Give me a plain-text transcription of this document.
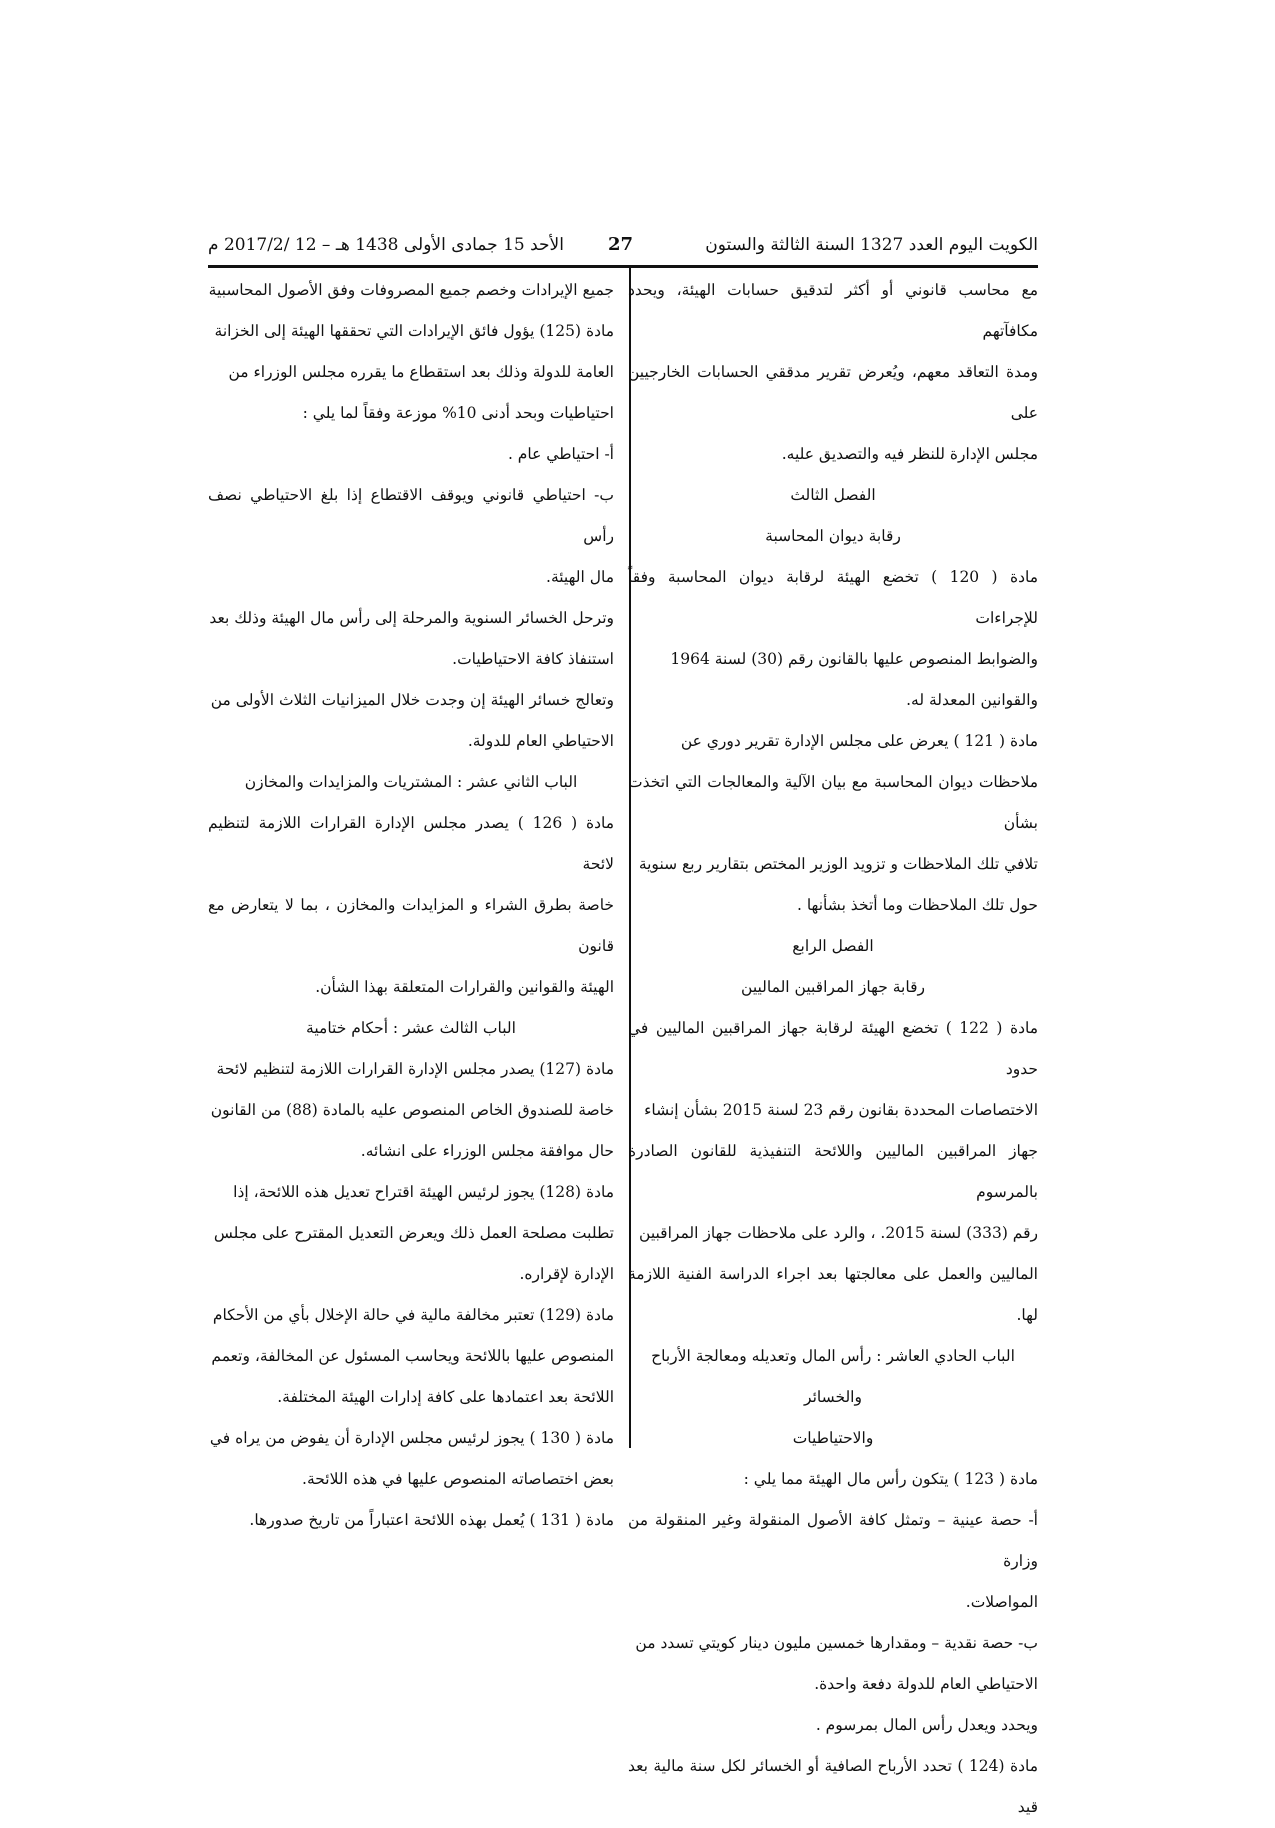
الكويت اليوم العدد 1327 السنة الثالثة والستون
27
الأحد 15 جمادى الأولى 1438 هـ – 12 /2017/2 م

مع محاسب قانوني أو أكثر لتدقيق حسابات الهيئة، ويحدد مكافآتهم

ومدة التعاقد معهم، ويُعرض تقرير مدققي الحسابات الخارجيين على

مجلس الإدارة للنظر فيه والتصديق عليه.

الفصل الثالث

رقابة ديوان المحاسبة

مادة ( 120 ) تخضع الهيئة لرقابة ديوان المحاسبة وفقاً للإجراءات

والضوابط المنصوص عليها بالقانون رقم (30) لسنة 1964

والقوانين المعدلة له.

مادة ( 121 ) يعرض على مجلس الإدارة تقرير دوري عن

ملاحظات ديوان المحاسبة مع بيان الآلية والمعالجات التي اتخذت بشأن

تلافي تلك الملاحظات و تزويد الوزير المختص بتقارير ربع سنوية

حول تلك الملاحظات وما أتخذ بشأنها .

الفصل الرابع

رقابة جهاز المراقبين الماليين

مادة ( 122 ) تخضع الهيئة لرقابة جهاز المراقبين الماليين في حدود

الاختصاصات المحددة بقانون رقم 23 لسنة 2015 بشأن إنشاء

جهاز المراقبين الماليين واللائحة التنفيذية للقانون الصادرة بالمرسوم

رقم (333) لسنة 2015. ، والرد على ملاحظات جهاز المراقبين

الماليين والعمل على معالجتها بعد اجراء الدراسة الفنية اللازمة لها.

الباب الحادي العاشر : رأس المال وتعديله ومعالجة الأرباح والخسائر

والاحتياطيات

مادة ( 123 ) يتكون رأس مال الهيئة مما يلي :

أ- حصة عينية – وتمثل كافة الأصول المنقولة وغير المنقولة من وزارة

المواصلات.

ب- حصة نقدية – ومقدارها خمسين مليون دينار كويتي تسدد من

الاحتياطي العام للدولة دفعة واحدة.

ويحدد ويعدل رأس المال بمرسوم .

مادة (124 ) تحدد الأرباح الصافية أو الخسائر لكل سنة مالية بعد قيد

جميع الإيرادات وخصم جميع المصروفات وفق الأصول المحاسبية

مادة (125) يؤول فائق الإيرادات التي تحققها الهيئة إلى الخزانة

العامة للدولة وذلك بعد استقطاع ما يقرره مجلس الوزراء من

احتياطيات وبحد أدنى 10% موزعة وفقاً لما يلي :

أ- احتياطي عام .

ب- احتياطي قانوني ويوقف الاقتطاع إذا بلغ الاحتياطي نصف رأس

مال الهيئة.

وترحل الخسائر السنوية والمرحلة إلى رأس مال الهيئة وذلك بعد

استنفاذ كافة الاحتياطيات.

وتعالج خسائر الهيئة إن وجدت خلال الميزانيات الثلاث الأولى من

الاحتياطي العام للدولة.

الباب الثاني عشر : المشتريات والمزايدات والمخازن

مادة ( 126 ) يصدر مجلس الإدارة القرارات اللازمة لتنظيم لائحة

خاصة بطرق الشراء و المزايدات والمخازن ، بما لا يتعارض مع قانون

الهيئة والقوانين والقرارات المتعلقة بهذا الشأن.

الباب الثالث عشر : أحكام ختامية

مادة (127) يصدر مجلس الإدارة القرارات اللازمة لتنظيم لائحة

خاصة للصندوق الخاص المنصوص عليه بالمادة (88) من القانون

حال موافقة مجلس الوزراء على انشائه.

مادة (128) يجوز لرئيس الهيئة اقتراح تعديل هذه اللائحة، إذا

تطلبت مصلحة العمل ذلك ويعرض التعديل المقترح على مجلس

الإدارة لإقراره.

مادة (129) تعتبر مخالفة مالية في حالة الإخلال بأي من الأحكام

المنصوص عليها باللائحة ويحاسب المسئول عن المخالفة، وتعمم

اللائحة بعد اعتمادها على كافة إدارات الهيئة المختلفة.

مادة ( 130 ) يجوز لرئيس مجلس الإدارة أن يفوض من يراه في

بعض اختصاصاته المنصوص عليها في هذه اللائحة.

مادة ( 131 ) يُعمل بهذه اللائحة اعتباراً من تاريخ صدورها.
